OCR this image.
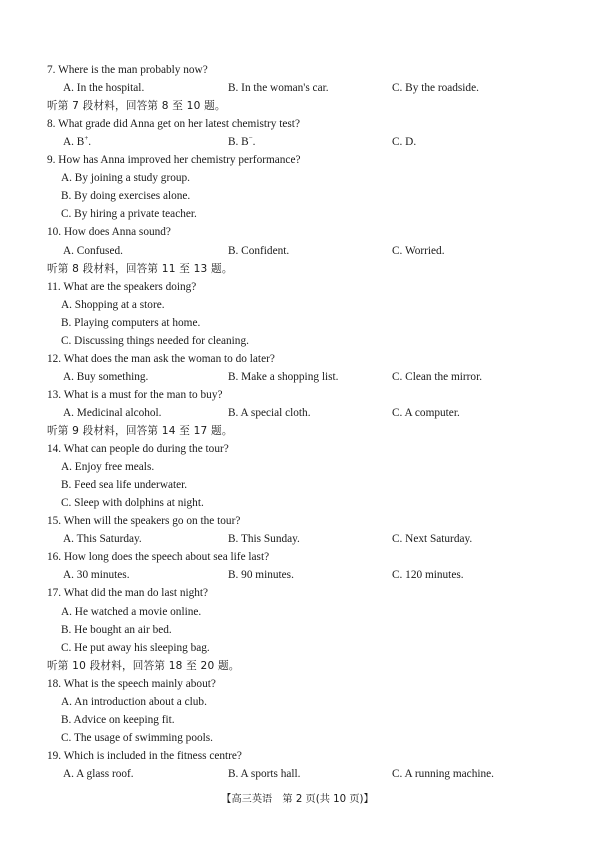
7. Where is the man probably now?
A. In the hospital.	B. In the woman's car.	C. By the roadside.
听第 7 段材料，回答第 8 至 10 题。
8. What grade did Anna get on her latest chemistry test?
A. B+.	B. B−.	C. D.
9. How has Anna improved her chemistry performance?
A. By joining a study group.
B. By doing exercises alone.
C. By hiring a private teacher.
10. How does Anna sound?
A. Confused.	B. Confident.	C. Worried.
听第 8 段材料，回答第 11 至 13 题。
11. What are the speakers doing?
A. Shopping at a store.
B. Playing computers at home.
C. Discussing things needed for cleaning.
12. What does the man ask the woman to do later?
A. Buy something.	B. Make a shopping list.	C. Clean the mirror.
13. What is a must for the man to buy?
A. Medicinal alcohol.	B. A special cloth.	C. A computer.
听第 9 段材料，回答第 14 至 17 题。
14. What can people do during the tour?
A. Enjoy free meals.
B. Feed sea life underwater.
C. Sleep with dolphins at night.
15. When will the speakers go on the tour?
A. This Saturday.	B. This Sunday.	C. Next Saturday.
16. How long does the speech about sea life last?
A. 30 minutes.	B. 90 minutes.	C. 120 minutes.
17. What did the man do last night?
A. He watched a movie online.
B. He bought an air bed.
C. He put away his sleeping bag.
听第 10 段材料，回答第 18 至 20 题。
18. What is the speech mainly about?
A. An introduction about a club.
B. Advice on keeping fit.
C. The usage of swimming pools.
19. Which is included in the fitness centre?
A. A glass roof.	B. A sports hall.	C. A running machine.
【高三英语　第 2 页(共 10 页)】
